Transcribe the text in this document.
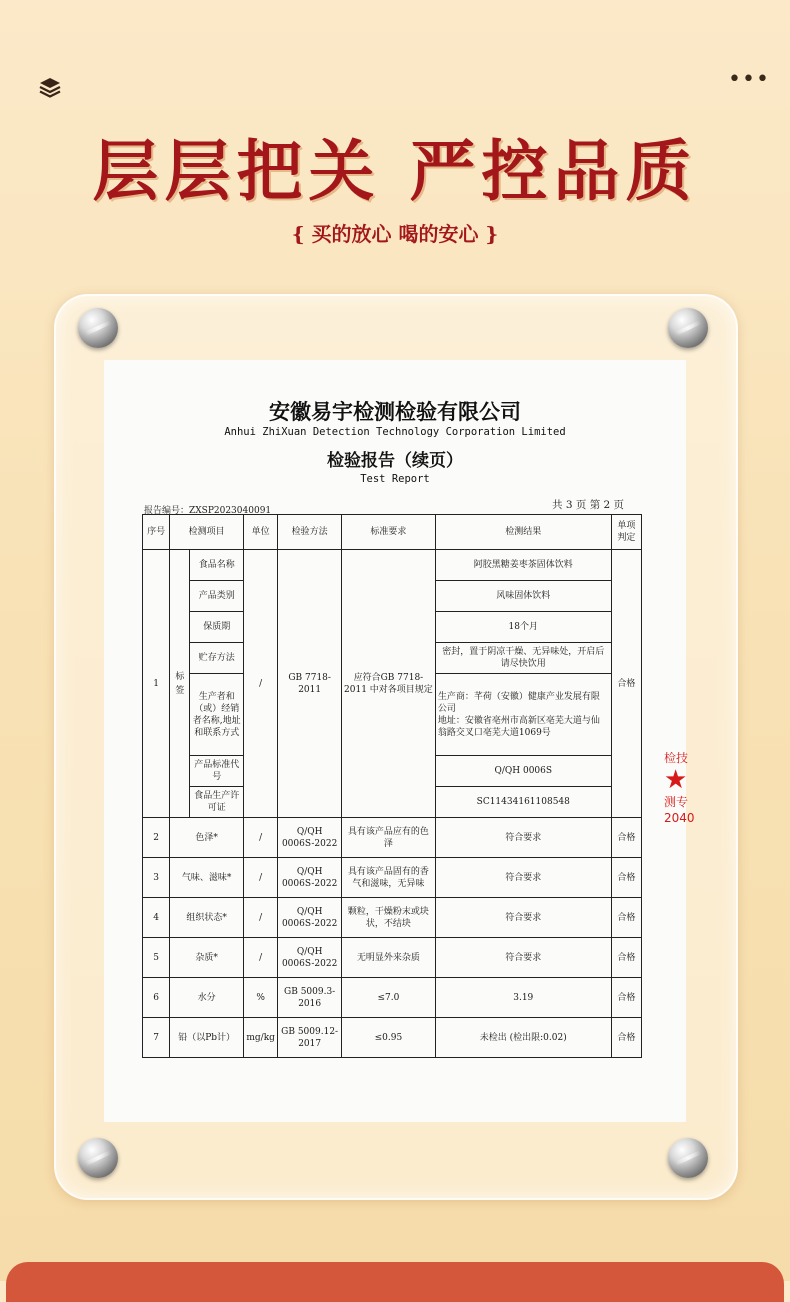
•••
层层把关 严控品质
{ 买的放心 喝的安心 }
安徽易宇检测检验有限公司
Anhui ZhiXuan Detection Technology Corporation Limited
检验报告（续页）
Test Report
报告编号：ZXSP2023040091	共 3 页 第 2 页
序号	检测项目		单位	检验方法	标准要求	检测结果	单项判定
1	标签	食品名称	/	GB 7718-2011	应符合GB 7718-2011 中对各项目规定	阿胶黑糖姜枣茶固体饮料	合格
		产品类别				风味固体饮料	
		保质期				18个月	
		贮存方法				密封，置于阴凉干燥、无异味处，开启后请尽快饮用	
		生产者和（或）经销者名称,地址和联系方式				生产商：芊荷（安徽）健康产业发展有限公司
地址：安徽省亳州市高新区亳芜大道与仙翁路交叉口亳芜大道1069号	

		产品标准代号				Q/QH 0006S	
		食品生产许可证				SC11434161108548	
2	色泽*		/	Q/QH 0006S-2022	具有该产品应有的色泽	符合要求	合格
3	气味、滋味*		/	Q/QH 0006S-2022	具有该产品固有的香气和滋味，无异味	符合要求	合格
4	组织状态*		/	Q/QH 0006S-2022	颗粒，干燥粉末或块状，不结块	符合要求	合格
5	杂质*		/	Q/QH 0006S-2022	无明显外来杂质	符合要求	合格
6	水分		%	GB 5009.3-2016	≤7.0	3.19	合格
7	铅（以Pb计）		mg/kg	GB 5009.12-2017	≤0.95	未检出 (检出限:0.02)	合格
检技
★
测专
2040
